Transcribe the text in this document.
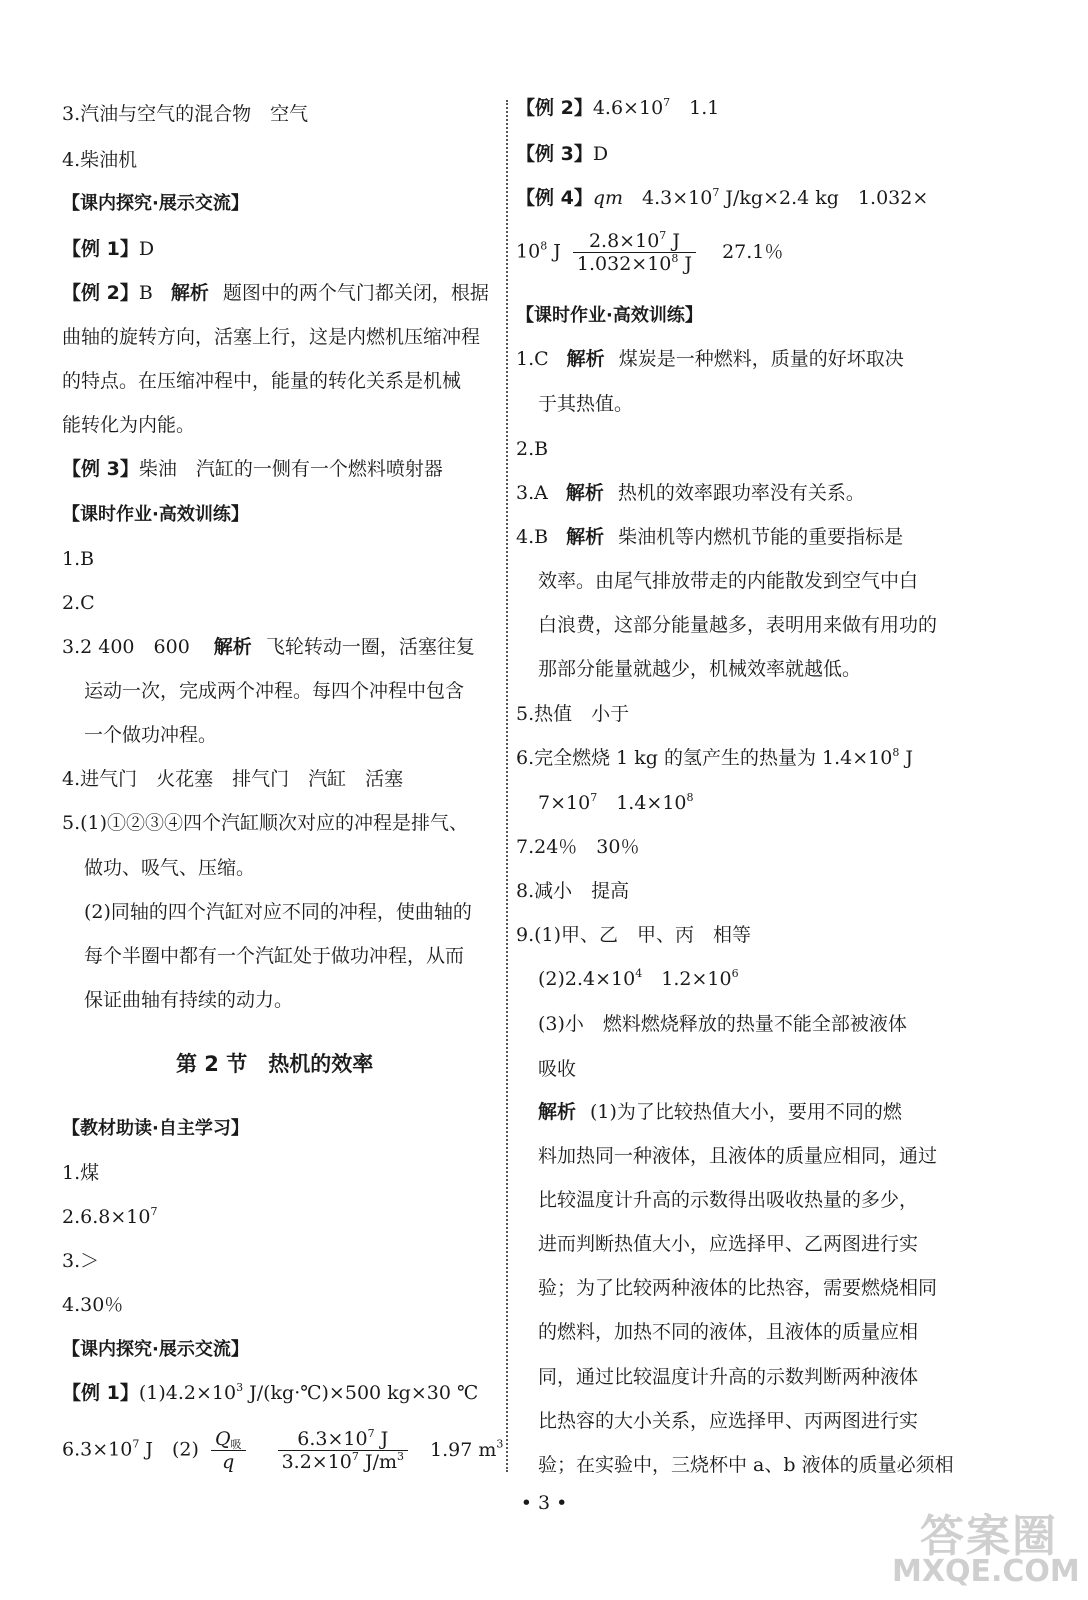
3.汽油与空气的混合物　空气
4.柴油机
【课内探究·展示交流】
【例 1】D
【例 2】B 解析 题图中的两个气门都关闭，根据
曲轴的旋转方向，活塞上行，这是内燃机压缩冲程
的特点。在压缩冲程中，能量的转化关系是机械
能转化为内能。
【例 3】柴油　汽缸的一侧有一个燃料喷射器
【课时作业·高效训练】
1.B
2.C
3.2 400　600 解析 飞轮转动一圈，活塞往复
运动一次，完成两个冲程。每四个冲程中包含
一个做功冲程。
4.进气门　火花塞　排气门　汽缸　活塞
5.(1)①②③④四个汽缸顺次对应的冲程是排气、
做功、吸气、压缩。
(2)同轴的四个汽缸对应不同的冲程，使曲轴的
每个半圈中都有一个汽缸处于做功冲程，从而
保证曲轴有持续的动力。
第 2 节　热机的效率
【教材助读·自主学习】
1.煤
$2.6.8\times 10^7$
3.＞
4.30％
【课内探究·展示交流】
【例 1】$(1)4.2\times 10^3$ J/(kg·℃)×500 kg×30 ℃
$6.3\times 10^7$ J　$(2) \frac{Q_吸}{q}$
$\frac{6.3\times 10^7 J}{3.2\times 10^7 J/m^3} 1.97$ $m^3$
【例 2】$4.6\times 10^7$　1.1
【例 3】D
【例 4】qm　$4.3\times 10^7$ J/kg×2.4 kg　1.032×
$10^8$ J $\frac{2.8\times 10^7 J}{1.032\times 10^8 J} 27.1$％
【课时作业·高效训练】
1.C 解析 煤炭是一种燃料，质量的好坏取决
于其热值。
2.B
3.A 解析 热机的效率跟功率没有关系。
4.B 解析 柴油机等内燃机节能的重要指标是
效率。由尾气排放带走的内能散发到空气中白
白浪费，这部分能量越多，表明用来做有用功的
那部分能量就越少，机械效率就越低。
5.热值　小于
6.完全燃烧 1 kg 的氢产生的热量为 $1.4\times 10^8$ J
$7\times 10^7$　$1.4\times 10^8$
7.24％　30％
8.减小　提高
9.(1)甲、乙　甲、丙　相等
$(2)2.4\times 10^4$　$1.2\times 10^6$
(3)小　燃料燃烧释放的热量不能全部被液体
吸收
解析 (1)为了比较热值大小，要用不同的燃
料加热同一种液体，且液体的质量应相同，通过
比较温度计升高的示数得出吸收热量的多少，
进而判断热值大小，应选择甲、乙两图进行实
验；为了比较两种液体的比热容，需要燃烧相同
的燃料，加热不同的液体，且液体的质量应相
同，通过比较温度计升高的示数判断两种液体
比热容的大小关系，应选择甲、丙两图进行实
验；在实验中，三烧杯中 a、b 液体的质量必须相
• 3 •
答案圈
MXQE.COM
